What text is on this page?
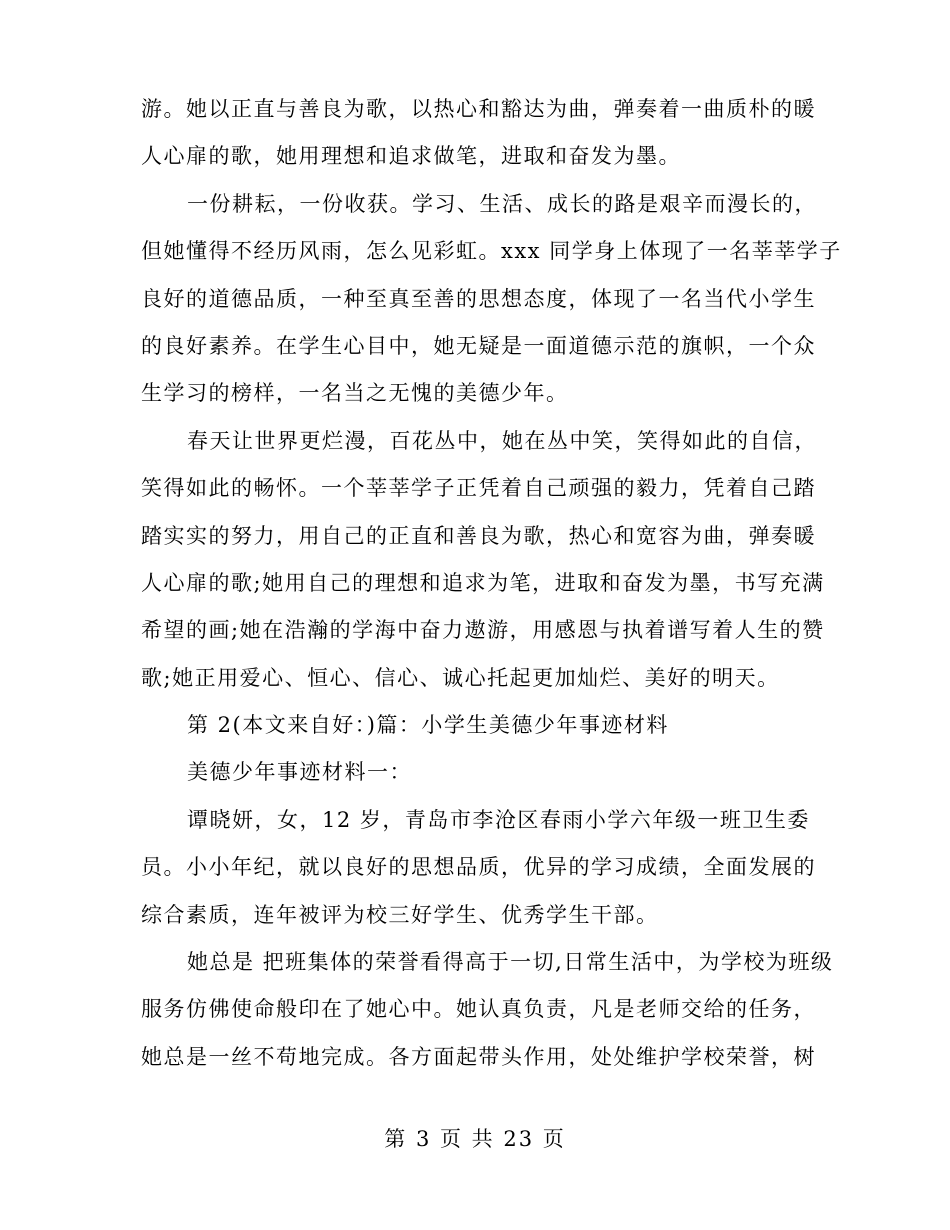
游。她以正直与善良为歌，以热心和豁达为曲，弹奏着一曲质朴的暖
人心扉的歌，她用理想和追求做笔，进取和奋发为墨。
一份耕耘，一份收获。学习、生活、成长的路是艰辛而漫长的，
但她懂得不经历风雨，怎么见彩虹。xxx 同学身上体现了一名莘莘学子
良好的道德品质，一种至真至善的思想态度，体现了一名当代小学生
的良好素养。在学生心目中，她无疑是一面道德示范的旗帜，一个众
生学习的榜样，一名当之无愧的美德少年。
春天让世界更烂漫，百花丛中，她在丛中笑，笑得如此的自信，
笑得如此的畅怀。一个莘莘学子正凭着自己顽强的毅力，凭着自己踏
踏实实的努力，用自己的正直和善良为歌，热心和宽容为曲，弹奏暖
人心扉的歌;她用自己的理想和追求为笔，进取和奋发为墨，书写充满
希望的画;她在浩瀚的学海中奋力遨游，用感恩与执着谱写着人生的赞
歌;她正用爱心、恒心、信心、诚心托起更加灿烂、美好的明天。
第 2(本文来自好：)篇：小学生美德少年事迹材料
美德少年事迹材料一：
谭晓妍，女，12 岁，青岛市李沧区春雨小学六年级一班卫生委
员。小小年纪，就以良好的思想品质，优异的学习成绩，全面发展的
综合素质，连年被评为校三好学生、优秀学生干部。
她总是 把班集体的荣誉看得高于一切,日常生活中，为学校为班级
服务仿佛使命般印在了她心中。她认真负责，凡是老师交给的任务，
她总是一丝不苟地完成。各方面起带头作用，处处维护学校荣誉，树
第 3 页 共 23 页
